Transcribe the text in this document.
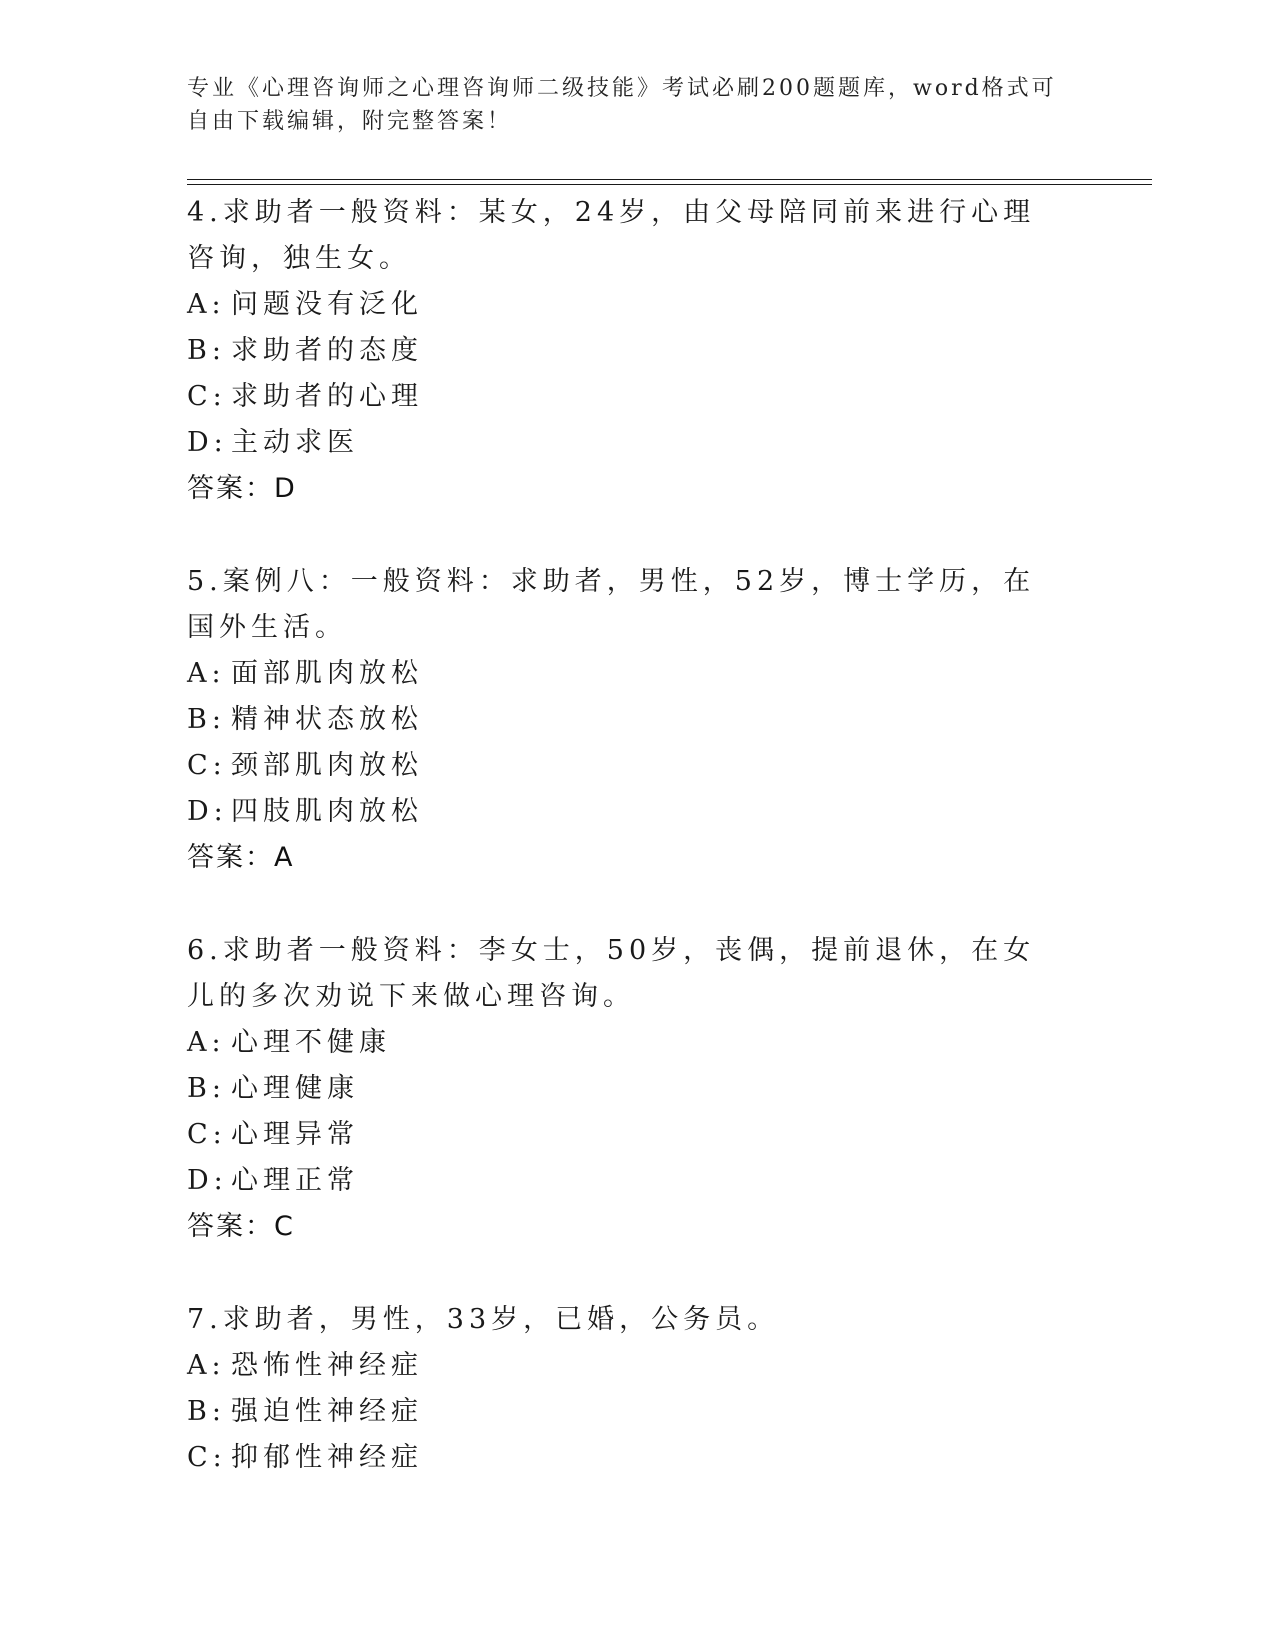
专业《心理咨询师之心理咨询师二级技能》考试必刷200题题库，word格式可自由下载编辑，附完整答案！

4.求助者一般资料：某女，24岁，由父母陪同前来进行心理咨询，独生女。

A: 问题没有泛化

B: 求助者的态度

C: 求助者的心理

D: 主动求医

答案：D

5.案例八：一般资料：求助者，男性，52岁，博士学历，在国外生活。

A: 面部肌肉放松

B: 精神状态放松

C: 颈部肌肉放松

D: 四肢肌肉放松

答案：A

6.求助者一般资料：李女士，50岁，丧偶，提前退休，在女儿的多次劝说下来做心理咨询。

A: 心理不健康

B: 心理健康

C: 心理异常

D: 心理正常

答案：C

7.求助者，男性，33岁，已婚，公务员。

A: 恐怖性神经症

B: 强迫性神经症

C: 抑郁性神经症
